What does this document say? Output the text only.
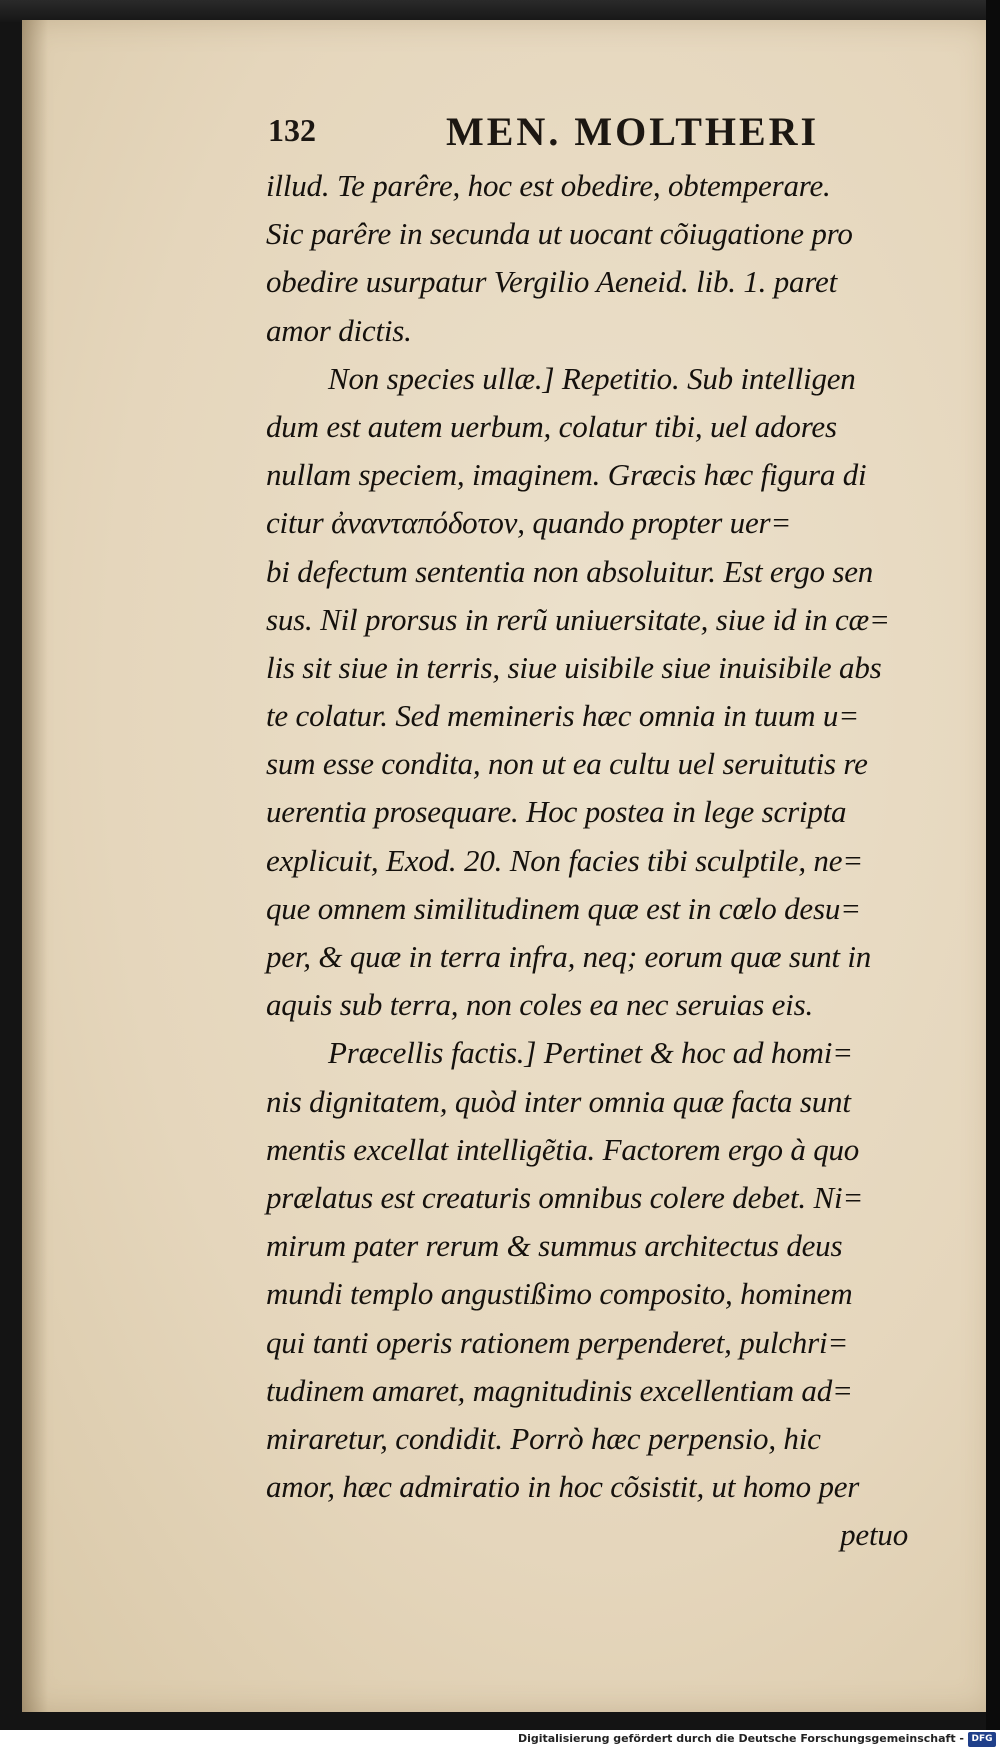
132	MEN. MOLTHERI
illud. Te parêre, hoc est obedire, obtemperare.
Sic parêre in secunda ut uocant cõiugatione pro
obedire usurpatur Vergilio Aeneid. lib. 1. paret
amor dictis.
Non species ullæ.] Repetitio. Sub intelligen
dum est autem uerbum, colatur tibi, uel adores
nullam speciem, imaginem. Græcis hæc figura di
citur ἀνανταπόδοτον, quando propter uer=
bi defectum sententia non absoluitur. Est ergo sen
sus. Nil prorsus in rerũ uniuersitate, siue id in cæ=
lis sit siue in terris, siue uisibile siue inuisibile abs
te colatur. Sed memineris hæc omnia in tuum u=
sum esse condita, non ut ea cultu uel seruitutis re
uerentia prosequare. Hoc postea in lege scripta
explicuit, Exod. 20. Non facies tibi sculptile, ne=
que omnem similitudinem quæ est in cœlo desu=
per, & quæ in terra infra, neq; eorum quæ sunt in
aquis sub terra, non coles ea nec seruias eis.
Præcellis factis.] Pertinet & hoc ad homi=
nis dignitatem, quòd inter omnia quæ facta sunt
mentis excellat intelligẽtia. Factorem ergo à quo
prælatus est creaturis omnibus colere debet. Ni=
mirum pater rerum & summus architectus deus
mundi templo angustißimo composito, hominem
qui tanti operis rationem perpenderet, pulchri=
tudinem amaret, magnitudinis excellentiam ad=
miraretur, condidit. Porrò hæc perpensio, hic
amor, hæc admiratio in hoc cõsistit, ut homo per
petuo
Digitalisierung gefördert durch die Deutsche Forschungsgemeinschaft - DFG
